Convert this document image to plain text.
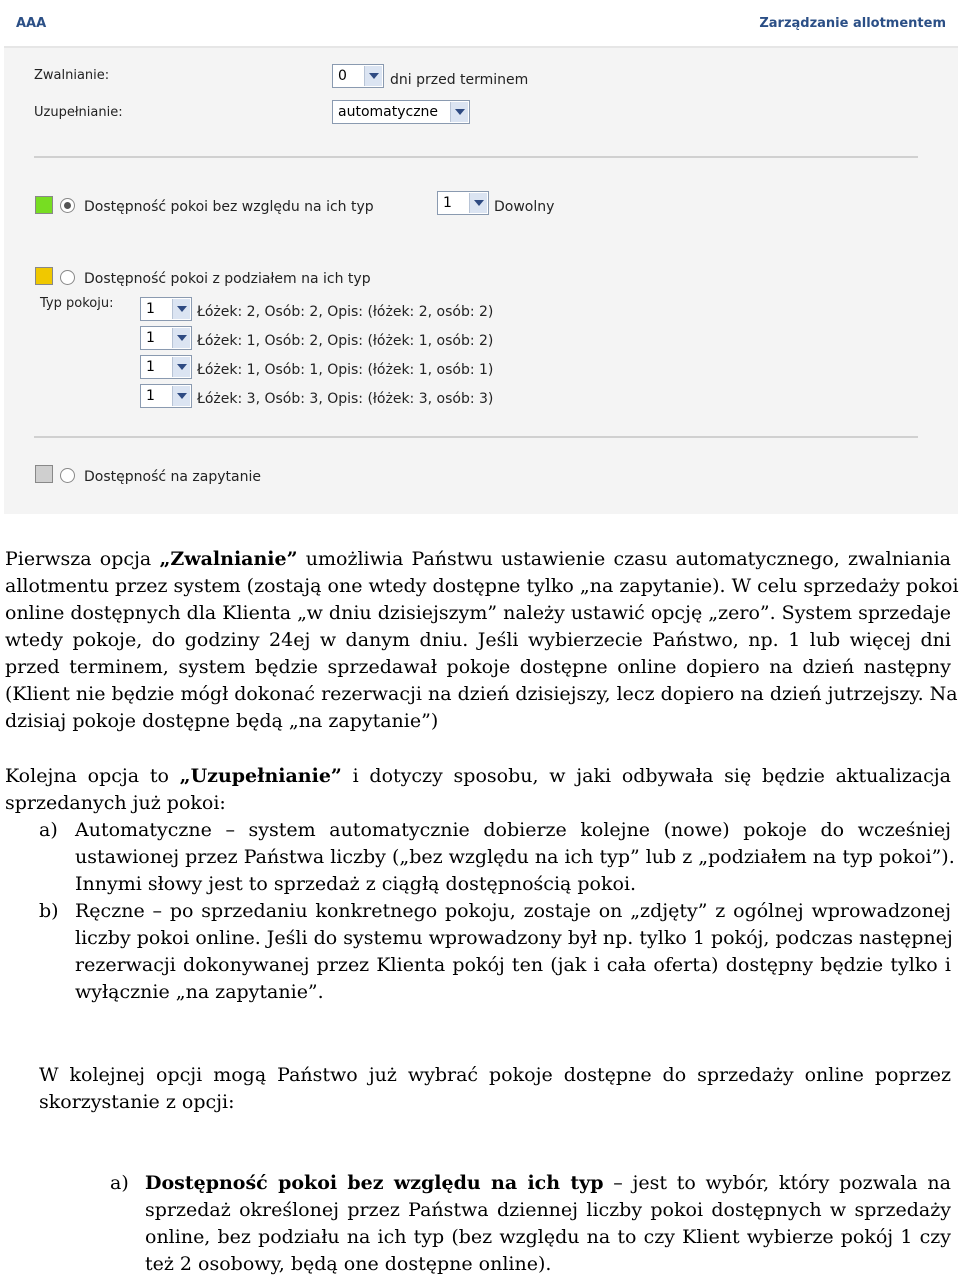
AAA	Zarządzanie allotmentem
Zwalnianie:	0	dni przed terminem
Uzupełnianie:	automatyczne
Dostępność pokoi bez względu na ich typ	1	Dowolny
Dostępność pokoi z podziałem na ich typ
Typ pokoju: 1	Łóżek: 2, Osób: 2, Opis: (łóżek: 2, osób: 2)
1	Łóżek: 1, Osób: 2, Opis: (łóżek: 1, osób: 2)
1	Łóżek: 1, Osób: 1, Opis: (łóżek: 1, osób: 1)
1	Łóżek: 3, Osób: 3, Opis: (łóżek: 3, osób: 3)
Dostępność na zapytanie
Pierwsza opcja „Zwalnianie” umożliwia Państwu ustawienie czasu automatycznego, zwalniania
allotmentu przez system (zostają one wtedy dostępne tylko „na zapytanie). W celu sprzedaży pokoi
online dostępnych dla Klienta „w dniu dzisiejszym” należy ustawić opcję „zero”. System sprzedaje
wtedy pokoje, do godziny 24ej w danym dniu. Jeśli wybierzecie Państwo, np. 1 lub więcej dni
przed terminem, system będzie sprzedawał pokoje dostępne online dopiero na dzień następny
(Klient nie będzie mógł dokonać rezerwacji na dzień dzisiejszy, lecz dopiero na dzień jutrzejszy. Na
dzisiaj pokoje dostępne będą „na zapytanie”)
Kolejna opcja to „Uzupełnianie” i dotyczy sposobu, w jaki odbywała się będzie aktualizacja
sprzedanych już pokoi:
a) Automatyczne – system automatycznie dobierze kolejne (nowe) pokoje do wcześniej
ustawionej przez Państwa liczby („bez względu na ich typ” lub z „podziałem na typ pokoi”).
Innymi słowy jest to sprzedaż z ciągłą dostępnością pokoi.
b) Ręczne – po sprzedaniu konkretnego pokoju, zostaje on „zdjęty” z ogólnej wprowadzonej
liczby pokoi online. Jeśli do systemu wprowadzony był np. tylko 1 pokój, podczas następnej
rezerwacji dokonywanej przez Klienta pokój ten (jak i cała oferta) dostępny będzie tylko i
wyłącznie „na zapytanie”.
W kolejnej opcji mogą Państwo już wybrać pokoje dostępne do sprzedaży online poprzez
skorzystanie z opcji:
a) Dostępność pokoi bez względu na ich typ – jest to wybór, który pozwala na
sprzedaż określonej przez Państwa dziennej liczby pokoi dostępnych w sprzedaży
online, bez podziału na ich typ (bez względu na to czy Klient wybierze pokój 1 czy
też 2 osobowy, będą one dostępne online).
